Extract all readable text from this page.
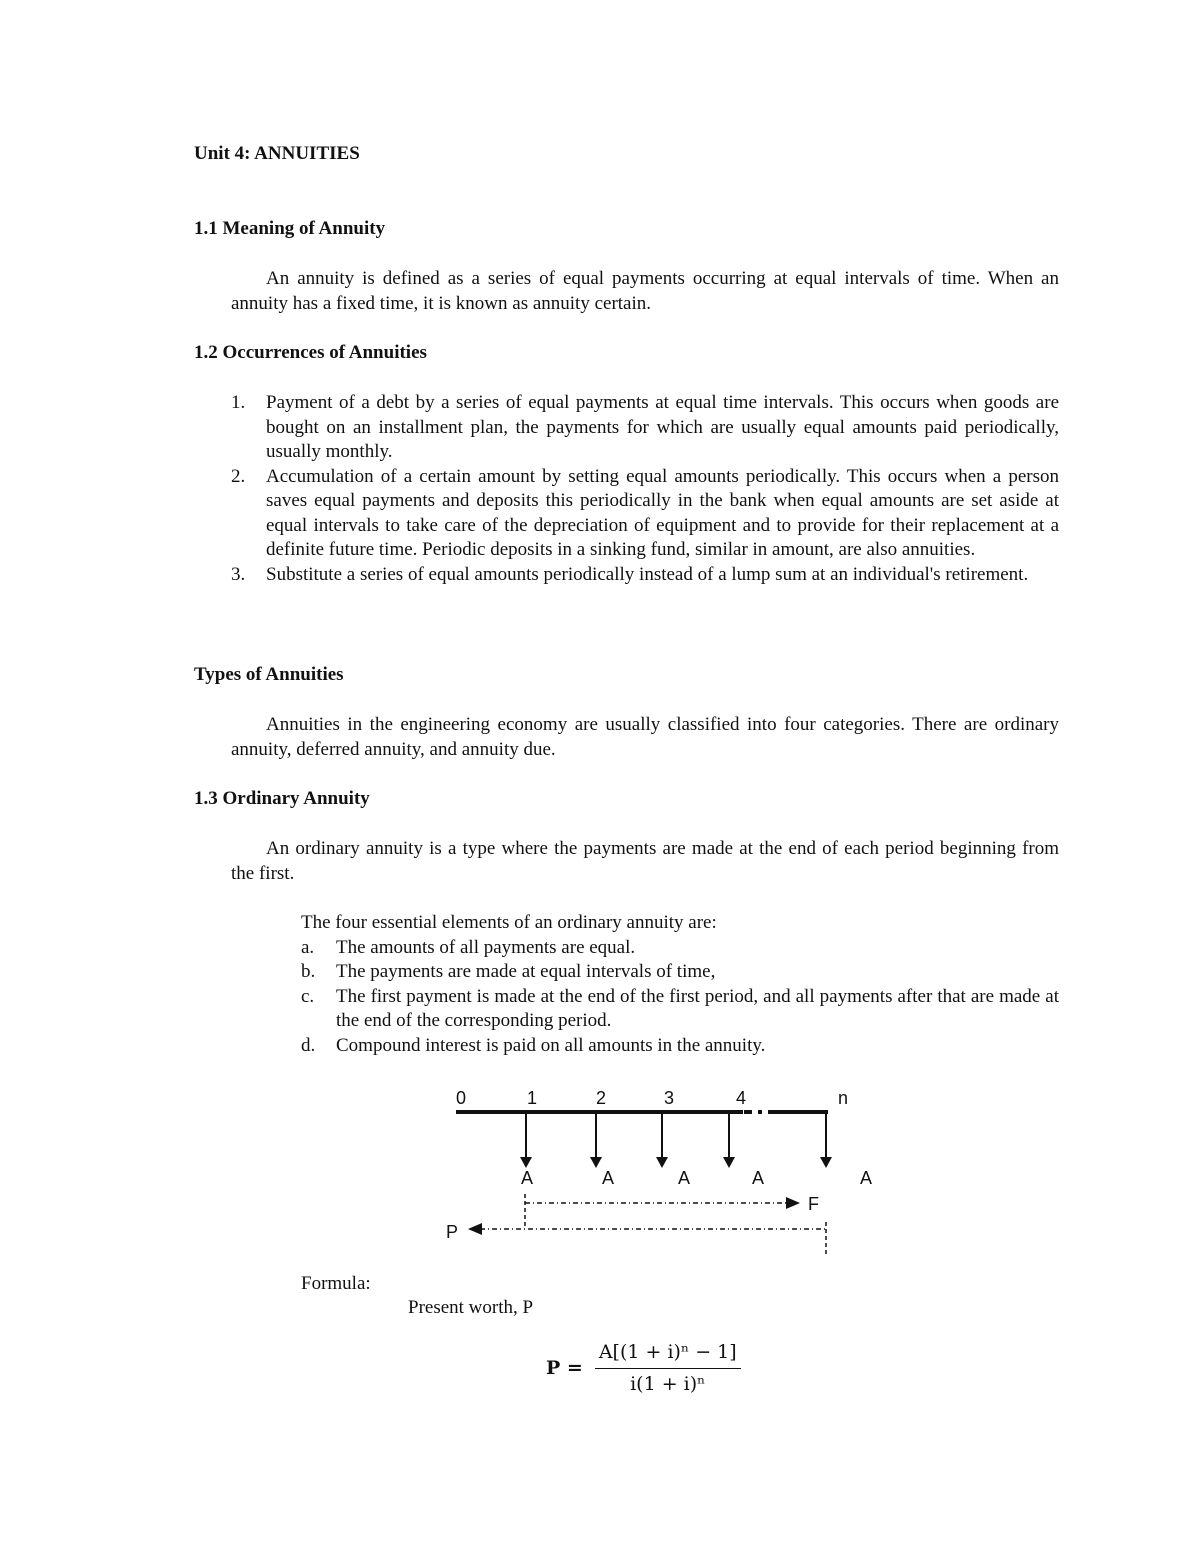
Unit 4: ANNUITIES
1.1 Meaning of Annuity

An annuity is defined as a series of equal payments occurring at equal intervals of time. When an annuity has a fixed time, it is known as annuity certain.

1.2 Occurrences of Annuities
1. Payment of a debt by a series of equal payments at equal time intervals. This occurs when goods are bought on an installment plan, the payments for which are usually equal amounts paid periodically, usually monthly.
2. Accumulation of a certain amount by setting equal amounts periodically. This occurs when a person saves equal payments and deposits this periodically in the bank when equal amounts are set aside at equal intervals to take care of the depreciation of equipment and to provide for their replacement at a definite future time. Periodic deposits in a sinking fund, similar in amount, are also annuities.
3. Substitute a series of equal amounts periodically instead of a lump sum at an individual's retirement.
Types of Annuities

Annuities in the engineering economy are usually classified into four categories. There are ordinary annuity, deferred annuity, and annuity due.

1.3 Ordinary Annuity

An ordinary annuity is a type where the payments are made at the end of each period beginning from the first.

The four essential elements of an ordinary annuity are:

a. The amounts of all payments are equal.
b. The payments are made at equal intervals of time,
c. The first payment is made at the end of the first period, and all payments after that are made at the end of the corresponding period.
d. Compound interest is paid on all amounts in the annuity.
0	1	2	3	4	n
A	A	A	A	A
F
P
Formula:
Present worth, P
$P = \frac{\text{A[(1 + i)ⁿ − 1]}}{\text{i(1 + i)ⁿ}}$
